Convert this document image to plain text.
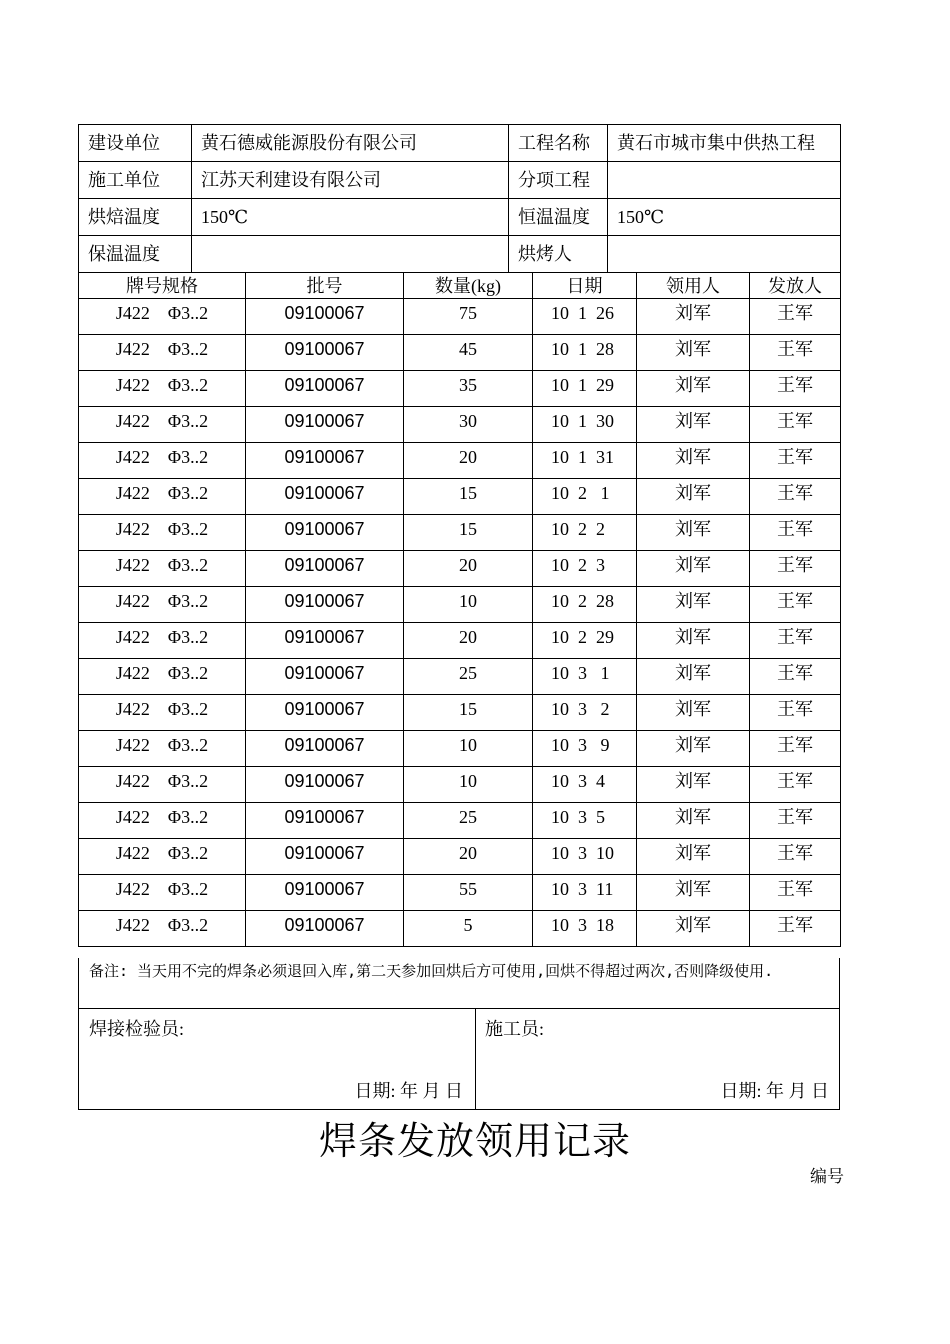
建设单位	黄石德威能源股份有限公司	工程名称	黄石市城市集中供热工程
施工单位	江苏天利建设有限公司	分项工程	
烘焙温度	150℃	恒温温度	150℃
保温温度		烘烤人	
牌号规格	批号	数量(kg)	日期	领用人	发放人
J422　Φ3..2	09100067	75	10  1  26	刘军	王军
J422　Φ3..2	09100067	45	10  1  28	刘军	王军
J422　Φ3..2	09100067	35	10  1  29	刘军	王军
J422　Φ3..2	09100067	30	10  1  30	刘军	王军
J422　Φ3..2	09100067	20	10  1  31	刘军	王军
J422　Φ3..2	09100067	15	10  2   1	刘军	王军
J422　Φ3..2	09100067	15	10  2  2	刘军	王军
J422　Φ3..2	09100067	20	10  2  3	刘军	王军
J422　Φ3..2	09100067	10	10  2  28	刘军	王军
J422　Φ3..2	09100067	20	10  2  29	刘军	王军
J422　Φ3..2	09100067	25	10  3   1	刘军	王军
J422　Φ3..2	09100067	15	10  3   2	刘军	王军
J422　Φ3..2	09100067	10	10  3   9	刘军	王军
J422　Φ3..2	09100067	10	10  3  4	刘军	王军
J422　Φ3..2	09100067	25	10  3  5	刘军	王军
J422　Φ3..2	09100067	20	10  3  10	刘军	王军
J422　Φ3..2	09100067	55	10  3  11	刘军	王军
J422　Φ3..2	09100067	5	10  3  18	刘军	王军
备注: 当天用不完的焊条必须退回入库,第二天参加回烘后方可使用,回烘不得超过两次,否则降级使用.
焊接检验员:
日期: 年 月 日
施工员:
日期: 年 月 日
焊条发放领用记录
编号
